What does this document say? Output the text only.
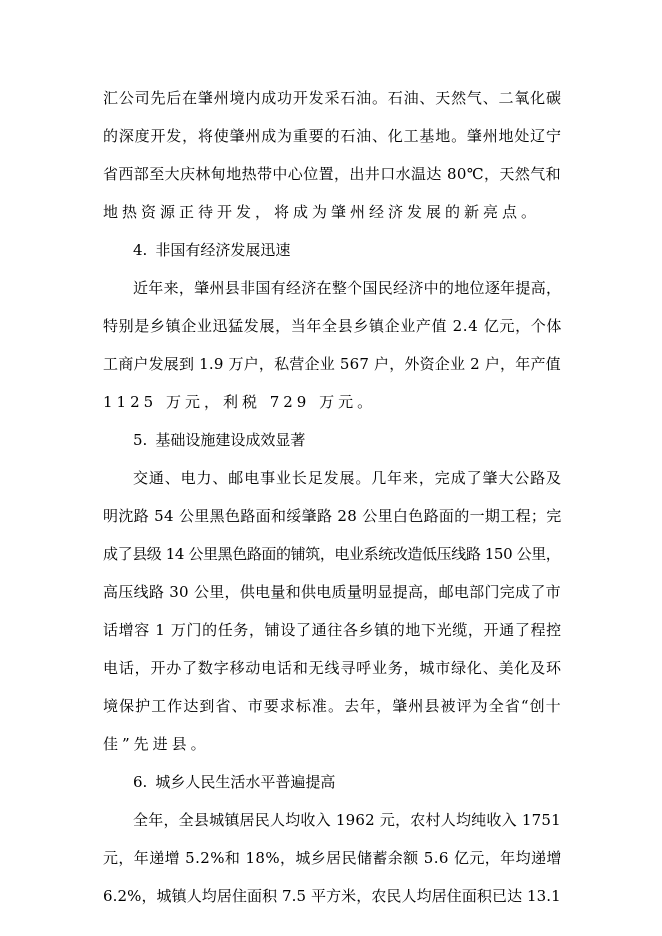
汇公司先后在肇州境内成功开发采石油。石油、天然气、二氧化碳
的深度开发，将使肇州成为重要的石油、化工基地。肇州地处辽宁
省西部至大庆林甸地热带中心位置，出井口水温达 80℃，天然气和
地热资源正待开发，将成为肇州经济发展的新亮点。
4. 非国有经济发展迅速
近年来，肇州县非国有经济在整个国民经济中的地位逐年提高，
特别是乡镇企业迅猛发展，当年全县乡镇企业产值 2.4 亿元，个体
工商户发展到 1.9 万户，私营企业 567 户，外资企业 2 户，年产值
1125 万元，利税 729 万元。
5. 基础设施建设成效显著
交通、电力、邮电事业长足发展。几年来，完成了肇大公路及
明沈路 54 公里黑色路面和绥肇路 28 公里白色路面的一期工程；完
成了县级 14 公里黑色路面的铺筑，电业系统改造低压线路 150 公里，
高压线路 30 公里，供电量和供电质量明显提高，邮电部门完成了市
话增容 1 万门的任务，铺设了通往各乡镇的地下光缆，开通了程控
电话，开办了数字移动电话和无线寻呼业务，城市绿化、美化及环
境保护工作达到省、市要求标准。去年，肇州县被评为全省“创十
佳”先进县。
6. 城乡人民生活水平普遍提高
全年，全县城镇居民人均收入 1962 元，农村人均纯收入 1751
元，年递增 5.2%和 18%，城乡居民储蓄余额 5.6 亿元，年均递增
6.2%，城镇人均居住面积 7.5 平方米，农民人均居住面积已达 13.1
